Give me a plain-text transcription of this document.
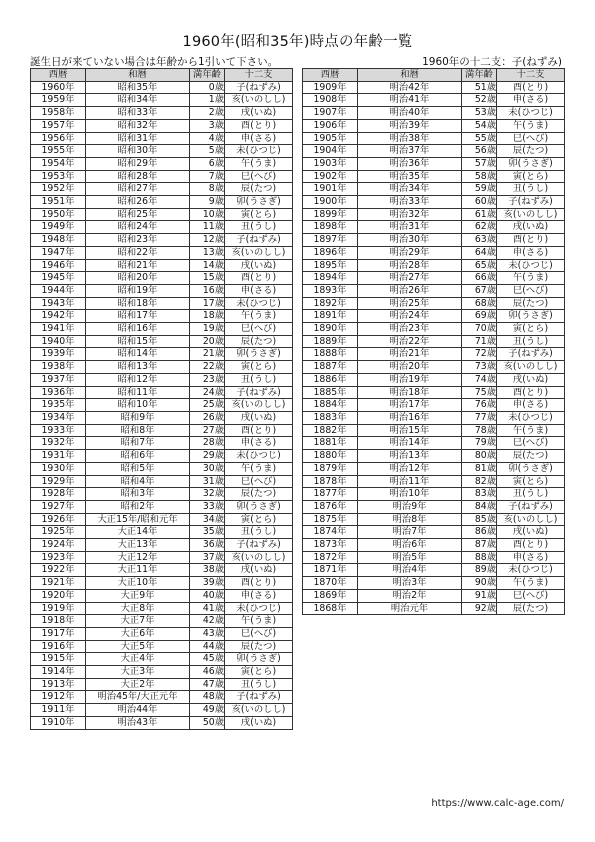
1960年(昭和35年)時点の年齢一覧
誕生日が来ていない場合は年齢から1引いて下さい。	1960年の十二支：子(ねずみ)
西暦	和暦	満年齢	十二支
1960年	昭和35年	0歳	子(ねずみ)
1959年	昭和34年	1歳	亥(いのしし)
1958年	昭和33年	2歳	戌(いぬ)
1957年	昭和32年	3歳	酉(とり)
1956年	昭和31年	4歳	申(さる)
1955年	昭和30年	5歳	未(ひつじ)
1954年	昭和29年	6歳	午(うま)
1953年	昭和28年	7歳	巳(へび)
1952年	昭和27年	8歳	辰(たつ)
1951年	昭和26年	9歳	卯(うさぎ)
1950年	昭和25年	10歳	寅(とら)
1949年	昭和24年	11歳	丑(うし)
1948年	昭和23年	12歳	子(ねずみ)
1947年	昭和22年	13歳	亥(いのしし)
1946年	昭和21年	14歳	戌(いぬ)
1945年	昭和20年	15歳	酉(とり)
1944年	昭和19年	16歳	申(さる)
1943年	昭和18年	17歳	未(ひつじ)
1942年	昭和17年	18歳	午(うま)
1941年	昭和16年	19歳	巳(へび)
1940年	昭和15年	20歳	辰(たつ)
1939年	昭和14年	21歳	卯(うさぎ)
1938年	昭和13年	22歳	寅(とら)
1937年	昭和12年	23歳	丑(うし)
1936年	昭和11年	24歳	子(ねずみ)
1935年	昭和10年	25歳	亥(いのしし)
1934年	昭和9年	26歳	戌(いぬ)
1933年	昭和8年	27歳	酉(とり)
1932年	昭和7年	28歳	申(さる)
1931年	昭和6年	29歳	未(ひつじ)
1930年	昭和5年	30歳	午(うま)
1929年	昭和4年	31歳	巳(へび)
1928年	昭和3年	32歳	辰(たつ)
1927年	昭和2年	33歳	卯(うさぎ)
1926年	大正15年/昭和元年	34歳	寅(とら)
1925年	大正14年	35歳	丑(うし)
1924年	大正13年	36歳	子(ねずみ)
1923年	大正12年	37歳	亥(いのしし)
1922年	大正11年	38歳	戌(いぬ)
1921年	大正10年	39歳	酉(とり)
1920年	大正9年	40歳	申(さる)
1919年	大正8年	41歳	未(ひつじ)
1918年	大正7年	42歳	午(うま)
1917年	大正6年	43歳	巳(へび)
1916年	大正5年	44歳	辰(たつ)
1915年	大正4年	45歳	卯(うさぎ)
1914年	大正3年	46歳	寅(とら)
1913年	大正2年	47歳	丑(うし)
1912年	明治45年/大正元年	48歳	子(ねずみ)
1911年	明治44年	49歳	亥(いのしし)
1910年	明治43年	50歳	戌(いぬ)
西暦	和暦	満年齢	十二支
1909年	明治42年	51歳	酉(とり)
1908年	明治41年	52歳	申(さる)
1907年	明治40年	53歳	未(ひつじ)
1906年	明治39年	54歳	午(うま)
1905年	明治38年	55歳	巳(へび)
1904年	明治37年	56歳	辰(たつ)
1903年	明治36年	57歳	卯(うさぎ)
1902年	明治35年	58歳	寅(とら)
1901年	明治34年	59歳	丑(うし)
1900年	明治33年	60歳	子(ねずみ)
1899年	明治32年	61歳	亥(いのしし)
1898年	明治31年	62歳	戌(いぬ)
1897年	明治30年	63歳	酉(とり)
1896年	明治29年	64歳	申(さる)
1895年	明治28年	65歳	未(ひつじ)
1894年	明治27年	66歳	午(うま)
1893年	明治26年	67歳	巳(へび)
1892年	明治25年	68歳	辰(たつ)
1891年	明治24年	69歳	卯(うさぎ)
1890年	明治23年	70歳	寅(とら)
1889年	明治22年	71歳	丑(うし)
1888年	明治21年	72歳	子(ねずみ)
1887年	明治20年	73歳	亥(いのしし)
1886年	明治19年	74歳	戌(いぬ)
1885年	明治18年	75歳	酉(とり)
1884年	明治17年	76歳	申(さる)
1883年	明治16年	77歳	未(ひつじ)
1882年	明治15年	78歳	午(うま)
1881年	明治14年	79歳	巳(へび)
1880年	明治13年	80歳	辰(たつ)
1879年	明治12年	81歳	卯(うさぎ)
1878年	明治11年	82歳	寅(とら)
1877年	明治10年	83歳	丑(うし)
1876年	明治9年	84歳	子(ねずみ)
1875年	明治8年	85歳	亥(いのしし)
1874年	明治7年	86歳	戌(いぬ)
1873年	明治6年	87歳	酉(とり)
1872年	明治5年	88歳	申(さる)
1871年	明治4年	89歳	未(ひつじ)
1870年	明治3年	90歳	午(うま)
1869年	明治2年	91歳	巳(へび)
1868年	明治元年	92歳	辰(たつ)
https://www.calc-age.com/
